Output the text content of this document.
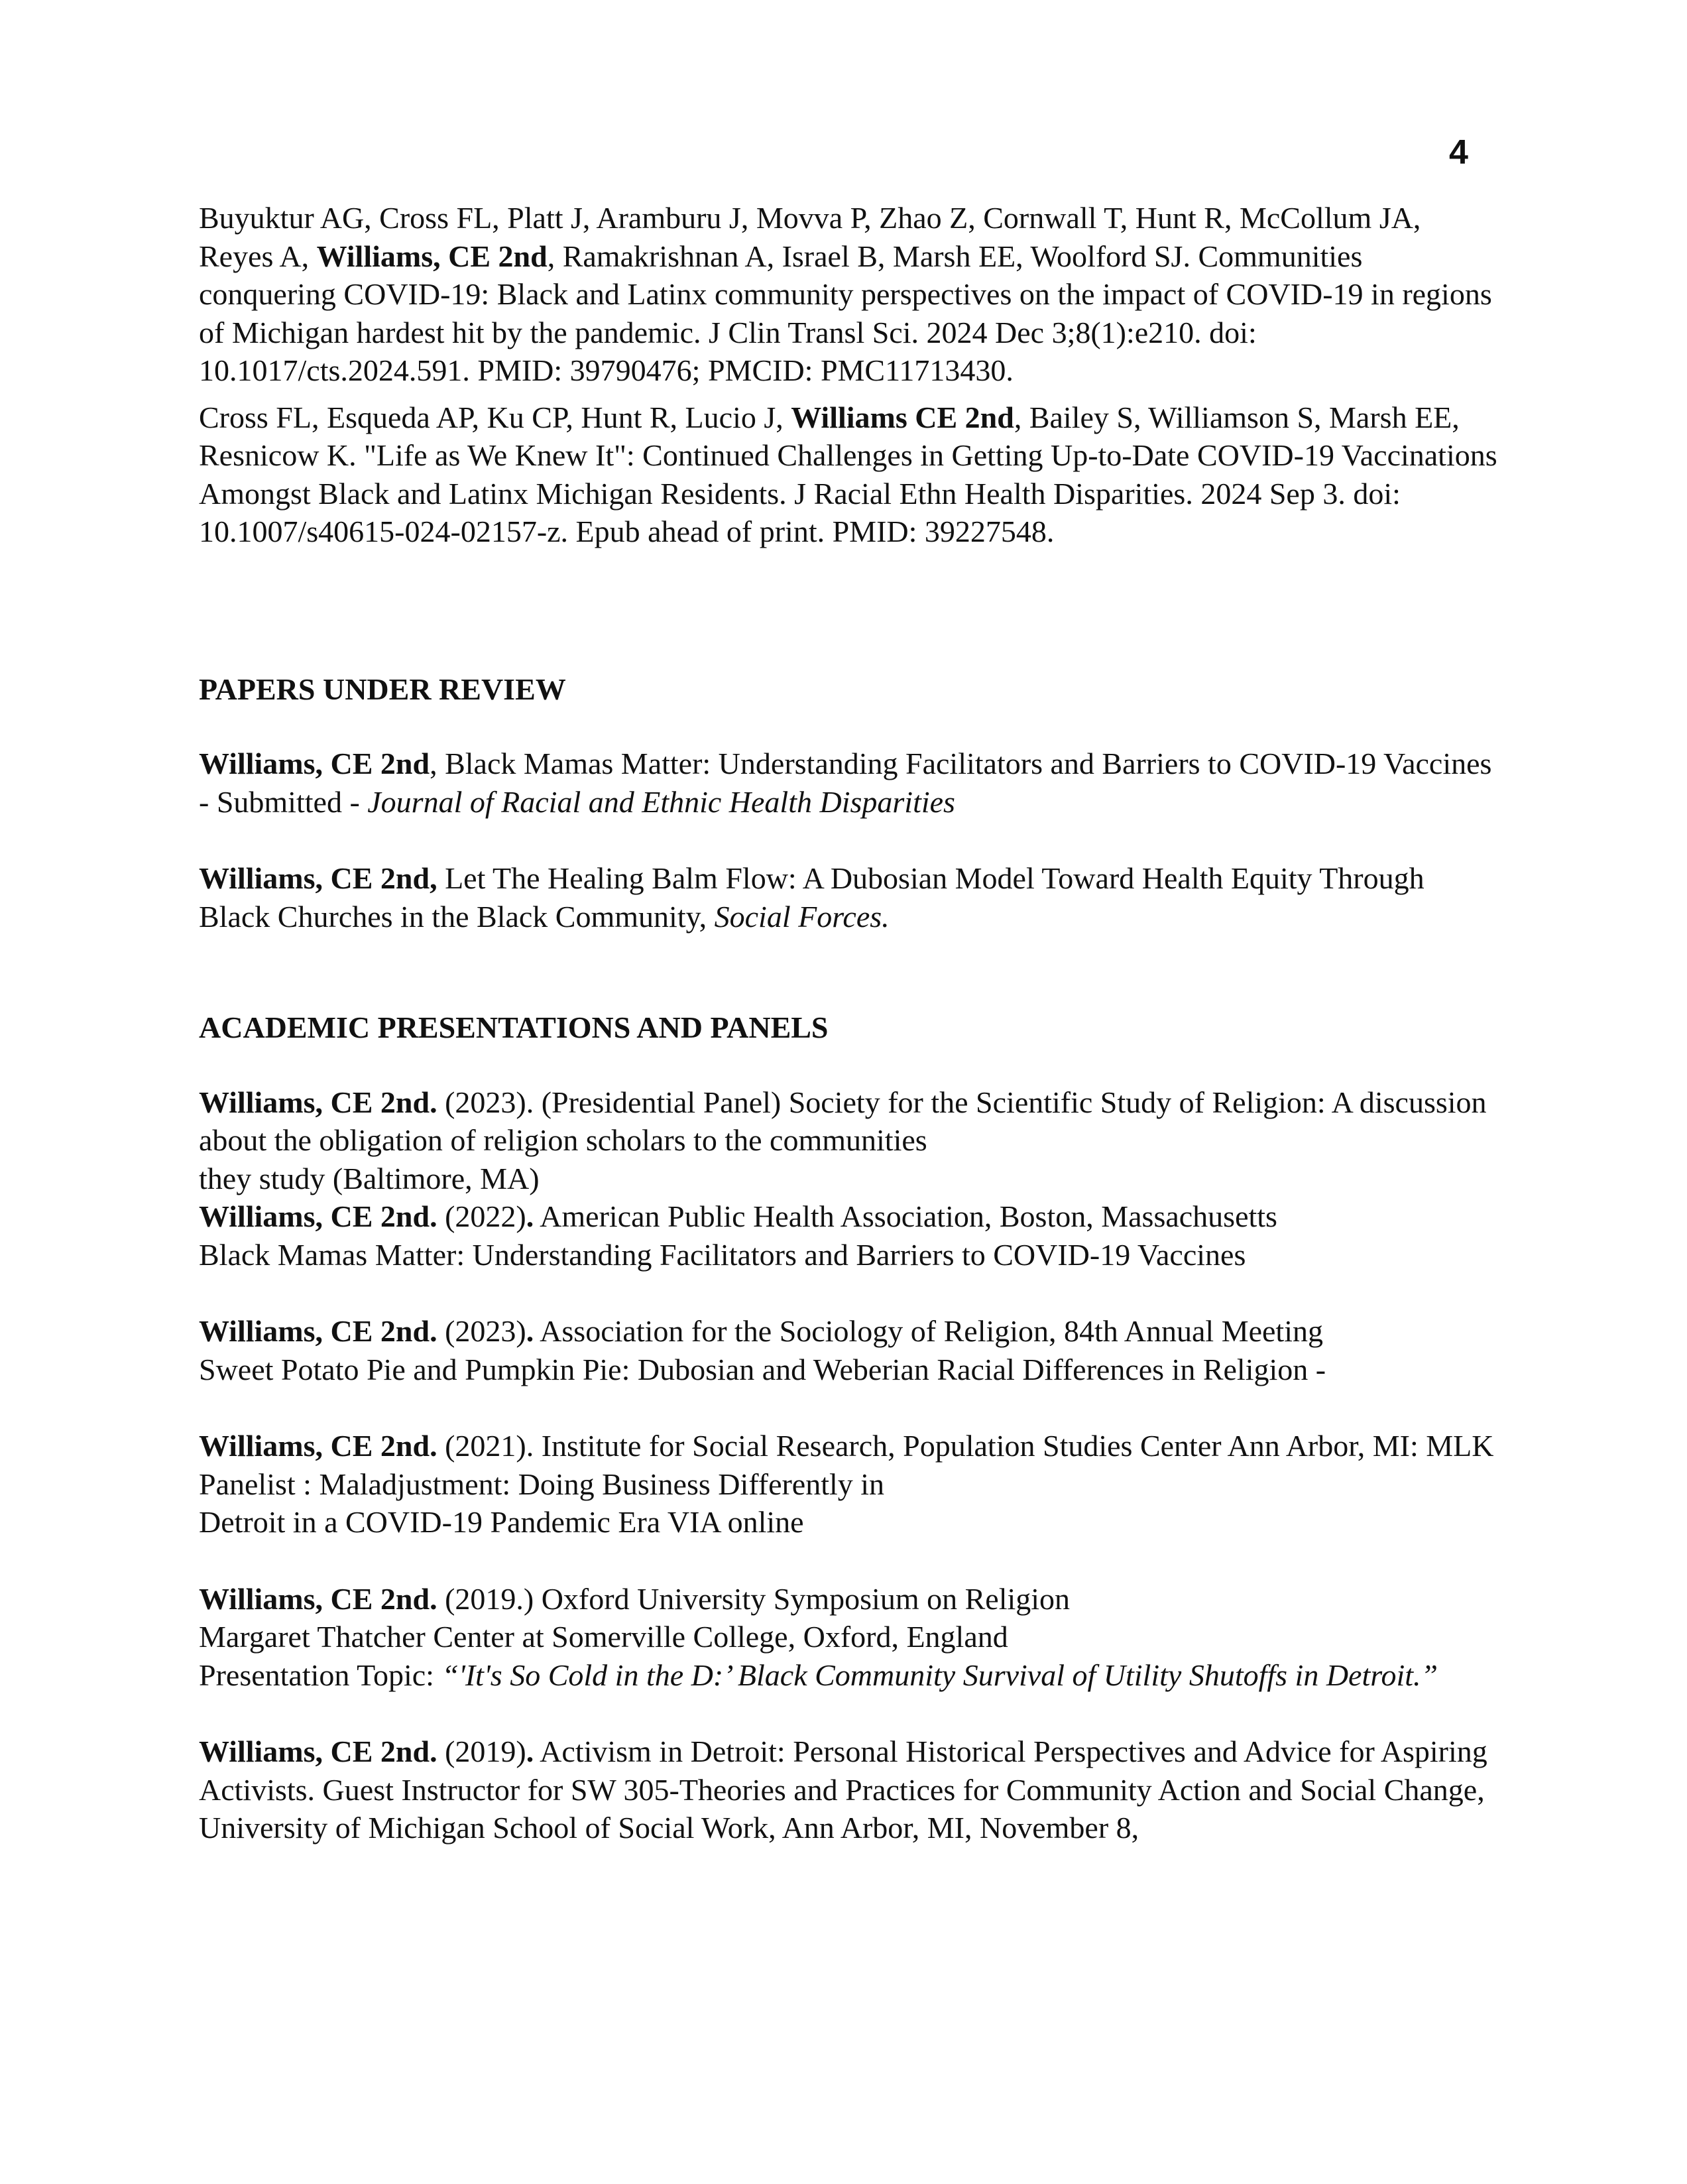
4

Buyuktur AG, Cross FL, Platt J, Aramburu J, Movva P, Zhao Z, Cornwall T, Hunt R, McCollum JA, Reyes A, Williams, CE 2nd, Ramakrishnan A, Israel B, Marsh EE, Woolford SJ. Communities conquering COVID-19: Black and Latinx community perspectives on the impact of COVID-19 in regions of Michigan hardest hit by the pandemic. J Clin Transl Sci. 2024 Dec 3;8(1):e210. doi: 10.1017/cts.2024.591. PMID: 39790476; PMCID: PMC11713430.

Cross FL, Esqueda AP, Ku CP, Hunt R, Lucio J, Williams CE 2nd, Bailey S, Williamson S, Marsh EE, Resnicow K. "Life as We Knew It": Continued Challenges in Getting Up-to-Date COVID-19 Vaccinations Amongst Black and Latinx Michigan Residents. J Racial Ethn Health Disparities. 2024 Sep 3. doi: 10.1007/s40615-024-02157-z. Epub ahead of print. PMID: 39227548.

PAPERS UNDER REVIEW

Williams, CE 2nd, Black Mamas Matter: Understanding Facilitators and Barriers to COVID-19 Vaccines - Submitted - Journal of Racial and Ethnic Health Disparities

Williams, CE 2nd, Let The Healing Balm Flow: A Dubosian Model Toward Health Equity Through Black Churches in the Black Community, Social Forces.

ACADEMIC PRESENTATIONS AND PANELS

Williams, CE 2nd. (2023). (Presidential Panel) Society for the Scientific Study of Religion: A discussion about the obligation of religion scholars to the communities
they study (Baltimore, MA)

Williams, CE 2nd. (2022). American Public Health Association, Boston, Massachusetts
Black Mamas Matter: Understanding Facilitators and Barriers to COVID-19 Vaccines

Williams, CE 2nd. (2023). Association for the Sociology of Religion, 84th Annual Meeting
Sweet Potato Pie and Pumpkin Pie: Dubosian and Weberian Racial Differences in Religion -

Williams, CE 2nd. (2021). Institute for Social Research, Population Studies Center Ann Arbor, MI: MLK Panelist : Maladjustment: Doing Business Differently in
Detroit in a COVID-19 Pandemic Era VIA online

Williams, CE 2nd. (2019.) Oxford University Symposium on Religion
Margaret Thatcher Center at Somerville College, Oxford, England
Presentation Topic: “'It's So Cold in the D:’ Black Community Survival of Utility Shutoffs in Detroit.”

Williams, CE 2nd. (2019). Activism in Detroit: Personal Historical Perspectives and Advice for Aspiring Activists. Guest Instructor for SW 305-Theories and Practices for Community Action and Social Change, University of Michigan School of Social Work, Ann Arbor, MI, November 8,
